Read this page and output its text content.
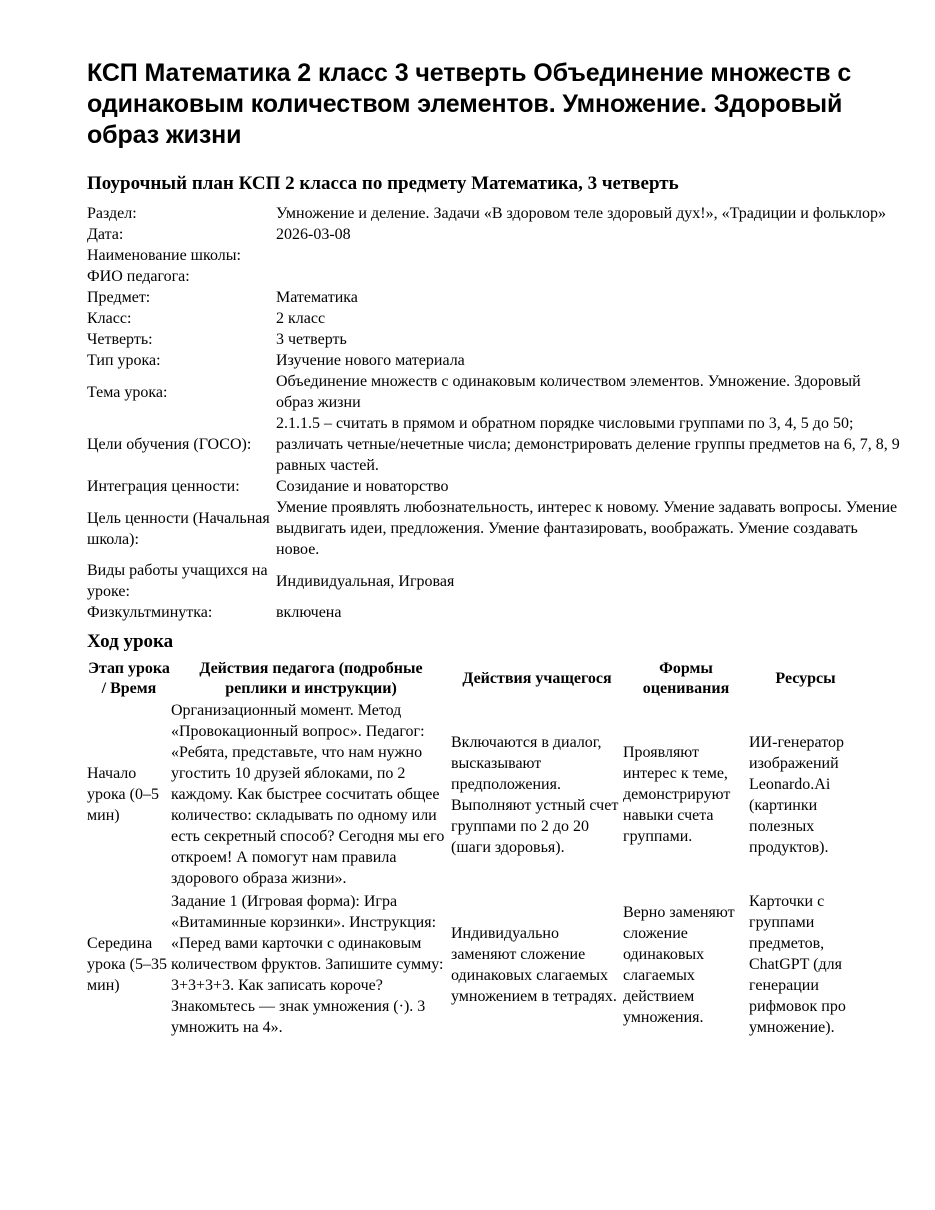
КСП Математика 2 класс 3 четверть Объединение множеств с одинаковым количеством элементов. Умножение. Здоровый образ жизни
Поурочный план КСП 2 класса по предмету Математика, 3 четверть
Раздел:	Умножение и деление. Задачи «В здоровом теле здоровый дух!», «Традиции и фольклор»
Дата:	2026-03-08
Наименование школы:	
ФИО педагога:	
Предмет:	Математика
Класс:	2 класс
Четверть:	3 четверть
Тип урока:	Изучение нового материала
Тема урока:	Объединение множеств с одинаковым количеством элементов. Умножение. Здоровый образ жизни
Цели обучения (ГОСО):	2.1.1.5 – считать в прямом и обратном порядке числовыми группами по 3, 4, 5 до 50; различать четные/нечетные числа; демонстрировать деление группы предметов на 6, 7, 8, 9 равных частей.
Интеграция ценности:	Созидание и новаторство
Цель ценности (Начальная школа):	Умение проявлять любознательность, интерес к новому. Умение задавать вопросы. Умение выдвигать идеи, предложения. Умение фантазировать, воображать. Умение создавать новое.
Виды работы учащихся на уроке:	Индивидуальная, Игровая
Физкультминутка:	включена
Ход урока
Этап урока / Время	Действия педагога (подробные реплики и инструкции)	Действия учащегося	Формы оценивания	Ресурсы
Начало урока (0–5 мин)	Организационный момент. Метод «Провокационный вопрос». Педагог: «Ребята, представьте, что нам нужно угостить 10 друзей яблоками, по 2 каждому. Как быстрее сосчитать общее количество: складывать по одному или есть секретный способ? Сегодня мы его откроем! А помогут нам правила здорового образа жизни».	Включаются в диалог, высказывают предположения. Выполняют устный счет группами по 2 до 20 (шаги здоровья).	Проявляют интерес к теме, демонстрируют навыки счета группами.	ИИ-генератор изображений Leonardo.Ai (картинки полезных продуктов).
Середина урока (5–35 мин)	Задание 1 (Игровая форма): Игра «Витаминные корзинки». Инструкция: «Перед вами карточки с одинаковым количеством фруктов. Запишите сумму: 3+3+3+3. Как записать короче? Знакомьтесь — знак умножения (·). 3 умножить на 4».	Индивидуально заменяют сложение одинаковых слагаемых умножением в тетрадях.	Верно заменяют сложение одинаковых слагаемых действием умножения.	Карточки с группами предметов, ChatGPT (для генерации рифмовок про умножение).
